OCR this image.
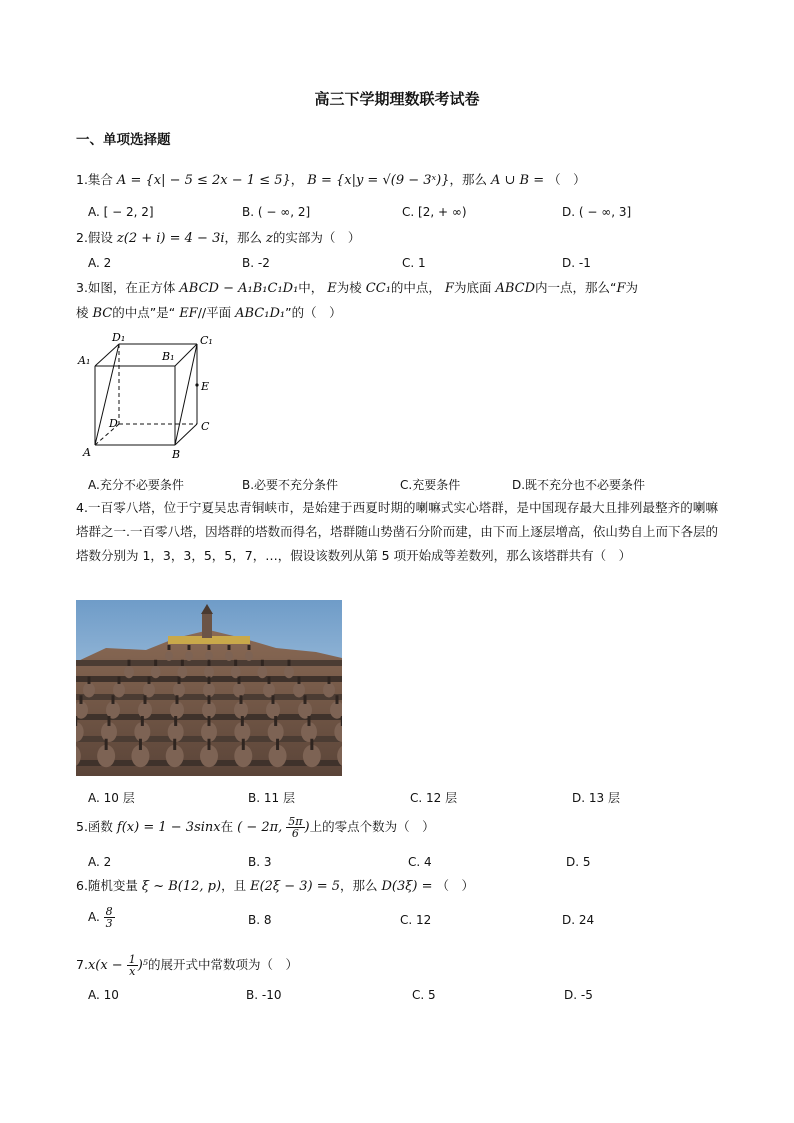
高三下学期理数联考试卷
一、单项选择题
1.集合 A = {x| − 5 ≤ 2x − 1 ≤ 5}， B = {x|y = √(9 − 3ˣ)}，那么 A ∪ B = （　）
A. [ − 2, 2]	B. ( − ∞, 2]	C. [2, + ∞)	D. ( − ∞, 3]
2.假设 z(2 + i) = 4 − 3i，那么 z的实部为（　）
A. 2	B. -2	C. 1	D. -1
3.如图，在正方体 ABCD − A₁B₁C₁D₁中， E为棱 CC₁的中点， F为底面 ABCD内一点，那么“F为
棱 BC的中点”是“ EF//平面 ABC₁D₁”的（　）
D₁
A₁	B₁
C₁
E
D	C
A	B
A.充分不必要条件	B.必要不充分条件	C.充要条件	D.既不充分也不必要条件
4.一百零八塔，位于宁夏吴忠青铜峡市，是始建于西夏时期的喇嘛式实心塔群，是中国现存最大且排列最整齐的喇嘛塔群之一.一百零八塔，因塔群的塔数而得名，塔群随山势凿石分阶而建，由下而上逐层增高，依山势自上而下各层的塔数分别为 1，3，3，5，5，7，…，假设该数列从第 5 项开始成等差数列，那么该塔群共有（　）
A. 10 层	B. 11 层	C. 12 层	D. 13 层
5.函数 f(x) = 1 − 3sinx在 ( − 2π, $\frac{5\pi}{6}$ )上的零点个数为（　）
A. 2	B. 3	C. 4	D. 5
6.随机变量 ξ ~ B(12, p)，且 E(2ξ − 3) = 5，那么 D(3ξ) = （　）
A. $\frac{8}{3}$	B. 8	C. 12	D. 24
$7.x(x - \frac{1}{x} )^5$的展开式中常数项为（　）
A. 10	B. -10	C. 5	D. -5
